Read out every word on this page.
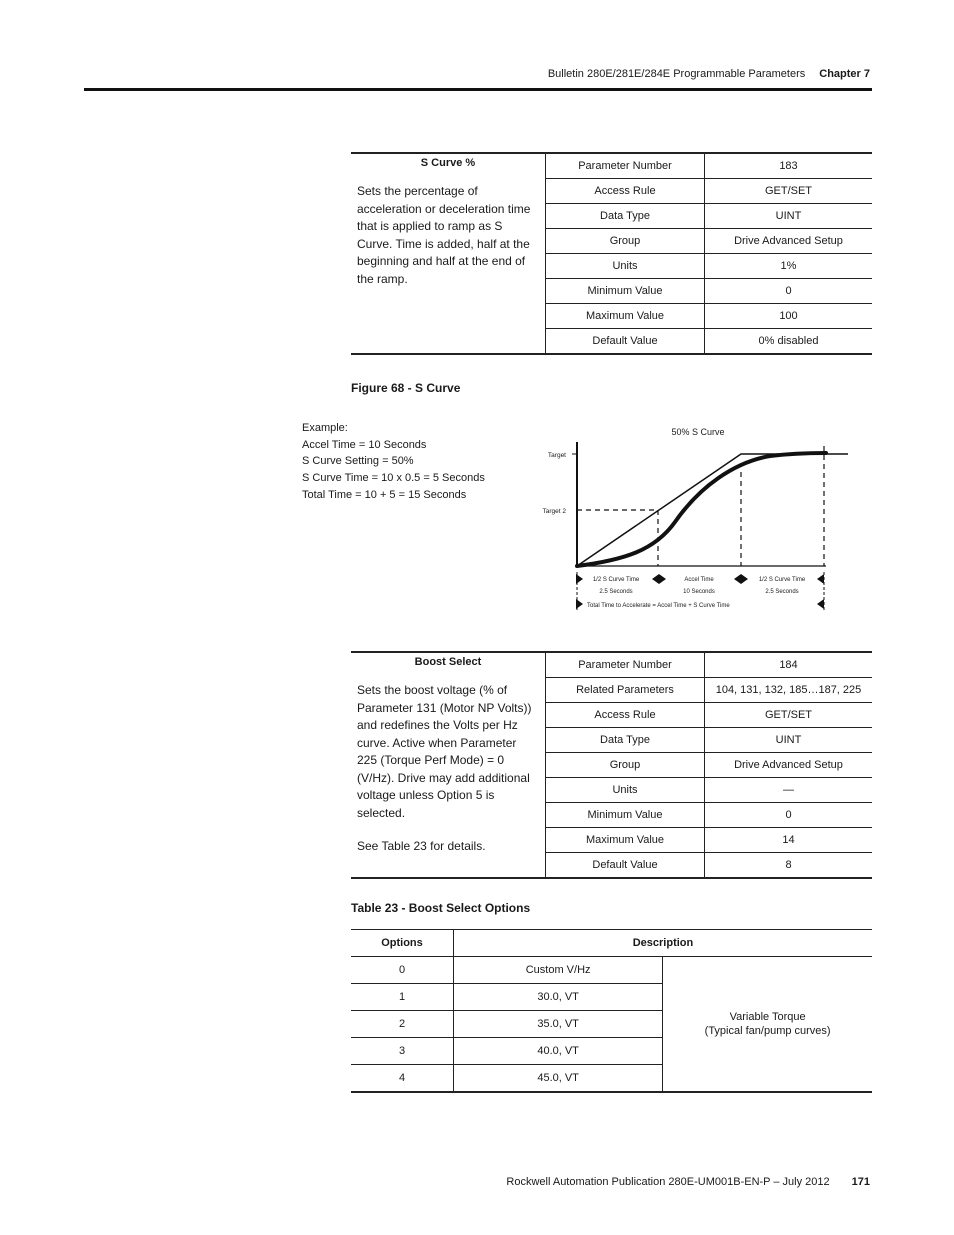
Bulletin 280E/281E/284E Programmable Parameters Chapter 7
S Curve %

Sets the percentage of acceleration or deceleration time that is applied to ramp as S Curve. Time is added, half at the beginning and half at the end of the ramp.	Parameter Number	183
	Access Rule	GET/SET
	Data Type	UINT
	Group	Drive Advanced Setup
	Units	1%
	Minimum Value	0
	Maximum Value	100
	Default Value	0% disabled
Figure 68 - S Curve
Example:
Accel Time = 10 Seconds
S Curve Setting = 50%
S Curve Time = 10 x 0.5 = 5 Seconds
Total Time = 10 + 5 = 15 Seconds
50% S Curve
Target
Target 2
1/2 S Curve Time
2.5 Seconds
Accel Time
10 Seconds
1/2 S Curve Time
2.5 Seconds
Total Time to Accelerate = Accel Time + S Curve Time
Boost Select

Sets the boost voltage (% of Parameter 131 (Motor NP Volts)) and redefines the Volts per Hz curve. Active when Parameter 225 (Torque Perf Mode) = 0 (V/Hz). Drive may add additional voltage unless Option 5 is selected.

See Table 23 for details.	Parameter Number	184
	Related Parameters	104, 131, 132, 185…187, 225
	Access Rule	GET/SET
	Data Type	UINT
	Group	Drive Advanced Setup
	Units	—
	Minimum Value	0
	Maximum Value	14
	Default Value	8
Table 23 - Boost Select Options
Options	Description	
0	Custom V/Hz	Variable Torque
(Typical fan/pump curves)

1	30.0, VT	
2	35.0, VT	
3	40.0, VT	
4	45.0, VT	
Rockwell Automation Publication 280E-UM001B-EN-P – July 2012 171
